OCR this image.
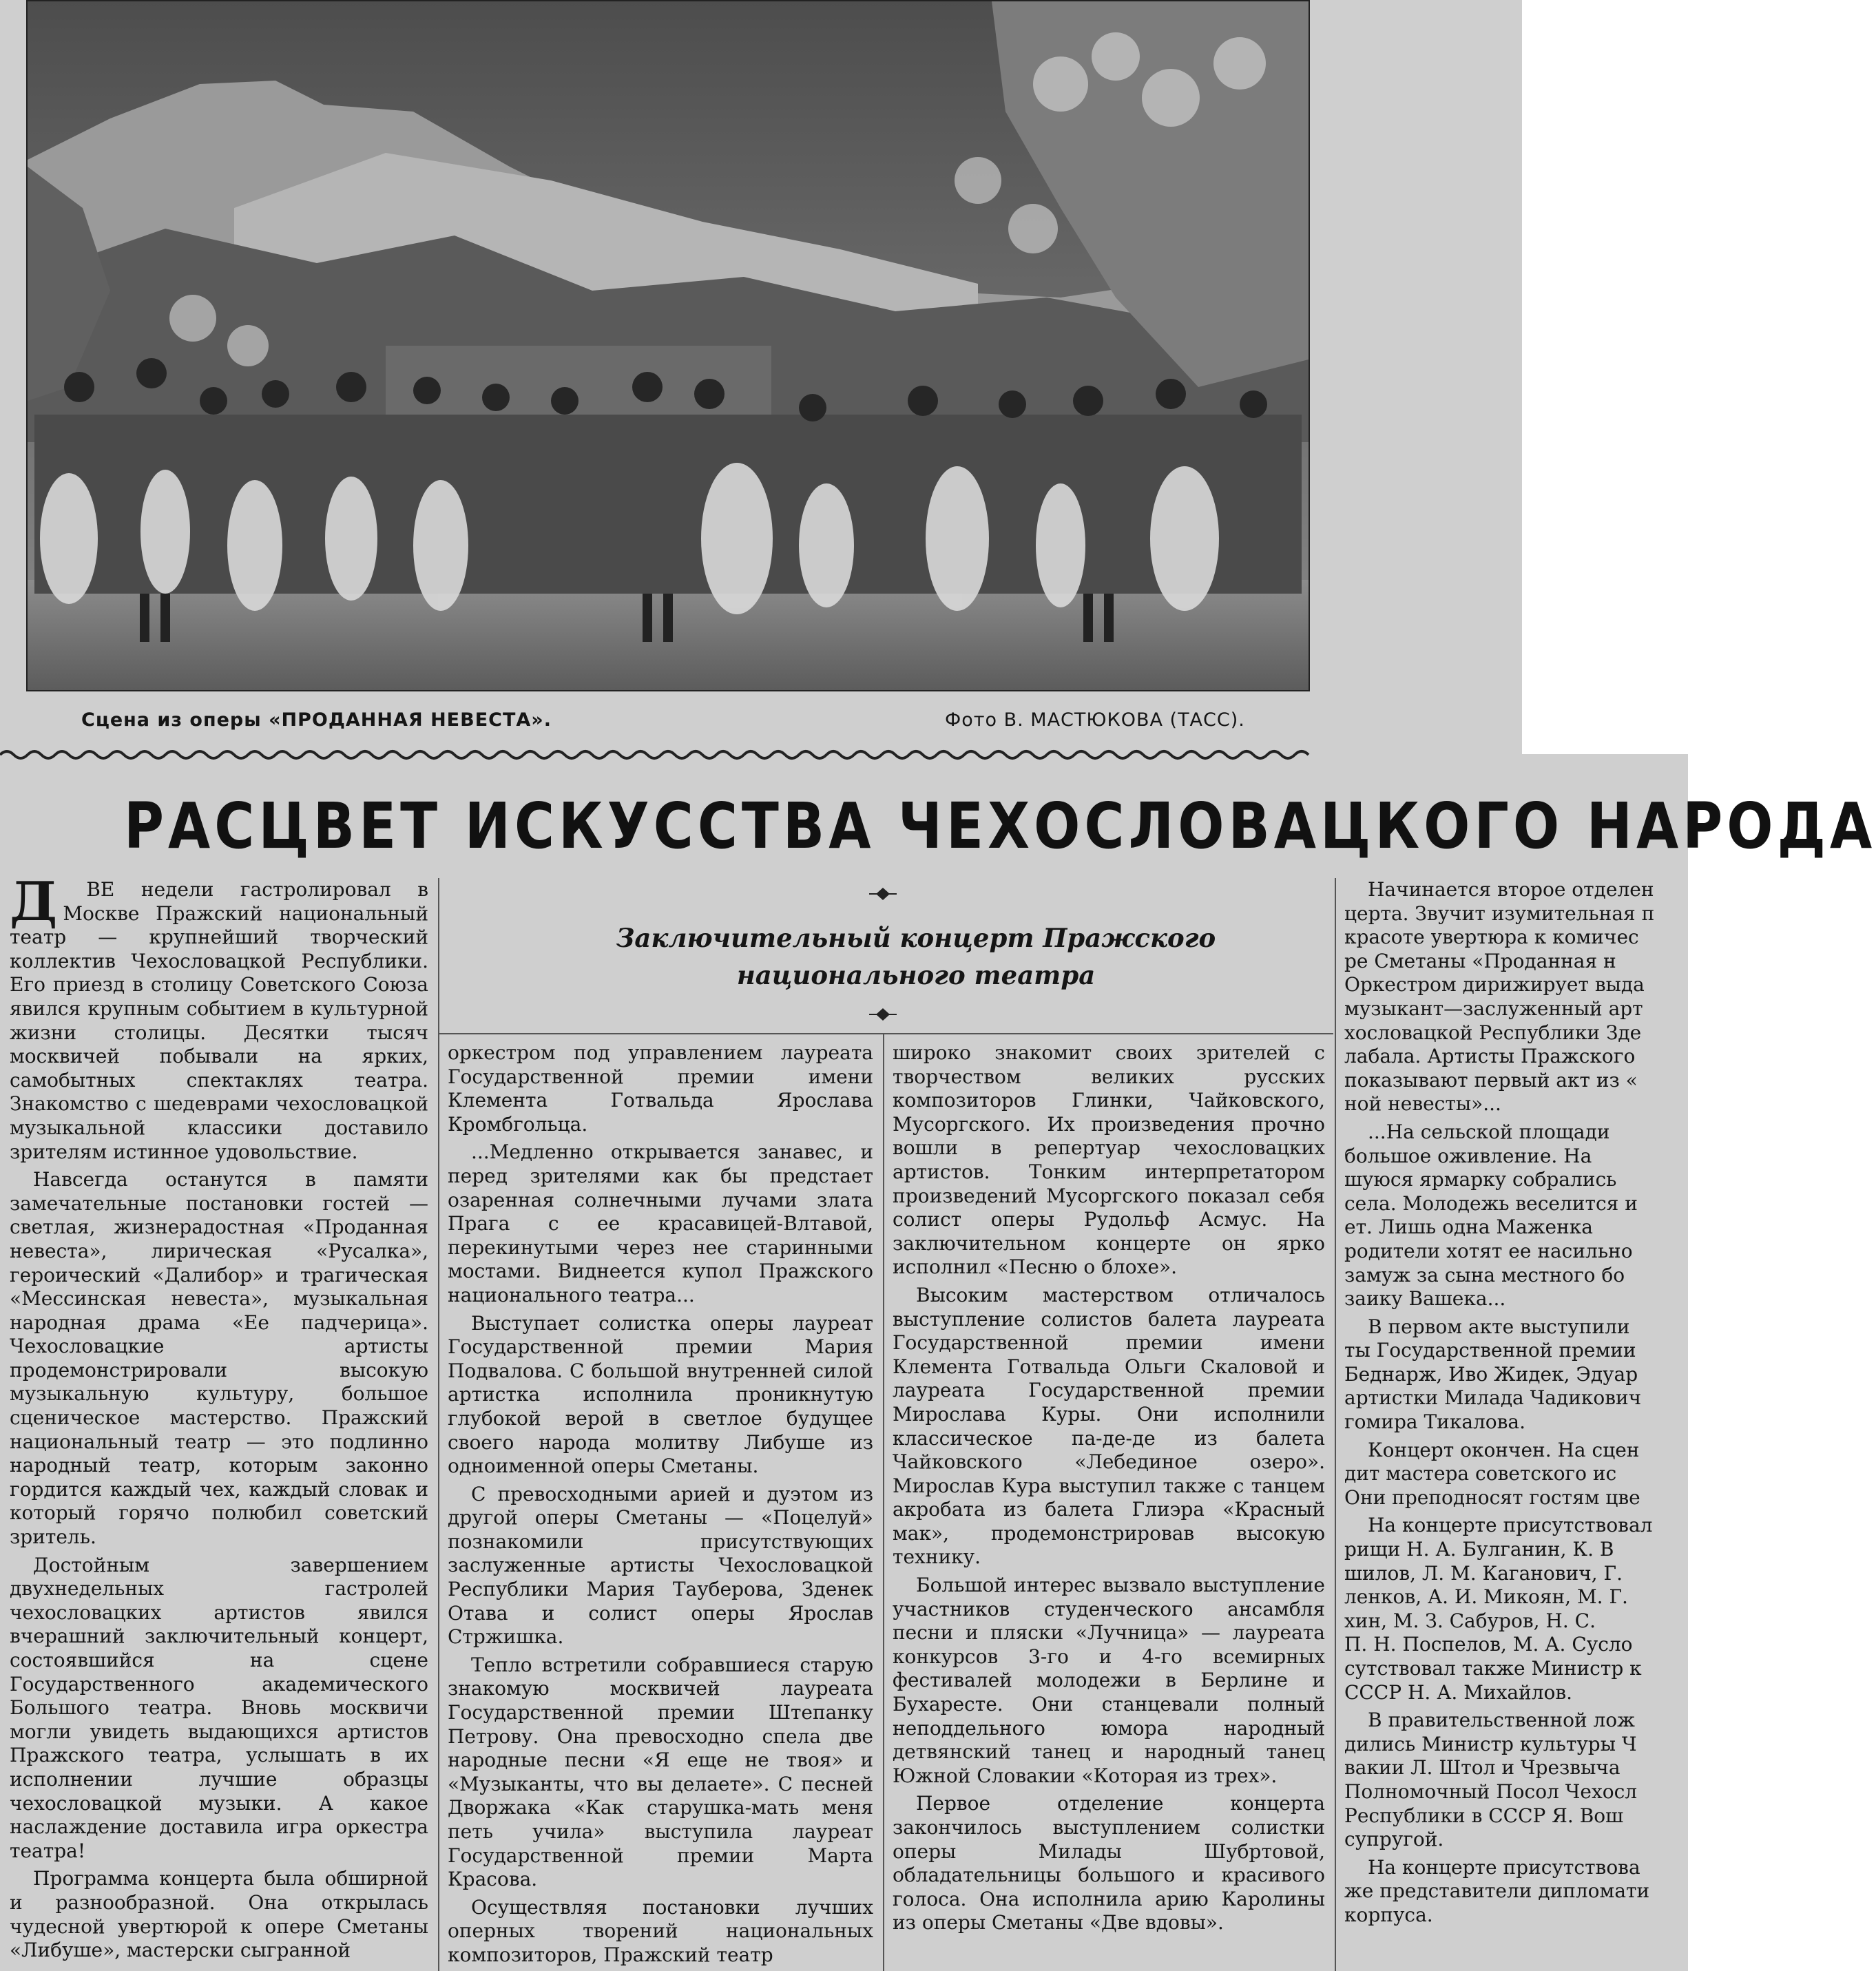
Сцена из оперы «ПРОДАННАЯ НЕВЕСТА».	Фото В. МАСТЮКОВА (ТАСС).
РАСЦВЕТ ИСКУССТВА ЧЕХОСЛОВАЦКОГО НАРОДА
Заключительный концерт Пражского
национального театра

Д ВЕ недели гастролировал в Москве Пражский национальный театр — крупнейший творческий коллектив Чехословацкой Республики. Его приезд в столицу Советского Союза явился крупным событием в культурной жизни столицы. Десятки тысяч москвичей побывали на ярких, самобытных спектаклях театра. Знакомство с шедеврами чехословацкой музыкальной классики доставило зрителям истинное удовольствие.

Навсегда останутся в памяти замечательные постановки гостей — светлая, жизнерадостная «Проданная невеста», лирическая «Русалка», героический «Далибор» и трагическая «Мессинская невеста», музыкальная народная драма «Ее падчерица». Чехословацкие артисты продемонстрировали высокую музыкальную культуру, большое сценическое мастерство. Пражский национальный театр — это подлинно народный театр, которым законно гордится каждый чех, каждый словак и который горячо полюбил советский зритель.

Достойным завершением двухнедельных гастролей чехословацких артистов явился вчерашний заключительный концерт, состоявшийся на сцене Государственного академического Большого театра. Вновь москвичи могли увидеть выдающихся артистов Пражского театра, услышать в их исполнении лучшие образцы чехословацкой музыки. А какое наслаждение доставила игра оркестра театра!

Программа концерта была обширной и разнообразной. Она открылась чудесной увертюрой к опере Сметаны «Либуше», мастерски сыгранной

оркестром под управлением лауреата Государственной премии имени Клемента Готвальда Ярослава Кромбгольца.

...Медленно открывается занавес, и перед зрителями как бы предстает озаренная солнечными лучами злата Прага с ее красавицей-Влтавой, перекинутыми через нее старинными мостами. Виднеется купол Пражского национального театра...

Выступает солистка оперы лауреат Государственной премии Мария Подвалова. С большой внутренней силой артистка исполнила проникнутую глубокой верой в светлое будущее своего народа молитву Либуше из одноименной оперы Сметаны.

С превосходными арией и дуэтом из другой оперы Сметаны — «Поцелуй» познакомили присутствующих заслуженные артисты Чехословацкой Республики Мария Тауберова, Зденек Отава и солист оперы Ярослав Стржишка.

Тепло встретили собравшиеся старую знакомую москвичей лауреата Государственной премии Штепанку Петрову. Она превосходно спела две народные песни «Я еще не твоя» и «Музыканты, что вы делаете». С песней Дворжака «Как старушка-мать меня петь учила» выступила лауреат Государственной премии Марта Красова.

Осуществляя постановки лучших оперных творений национальных композиторов, Пражский театр

широко знакомит своих зрителей с творчеством великих русских композиторов Глинки, Чайковского, Мусоргского. Их произведения прочно вошли в репертуар чехословацких артистов. Тонким интерпретатором произведений Мусоргского показал себя солист оперы Рудольф Асмус. На заключительном концерте он ярко исполнил «Песню о блохе».

Высоким мастерством отличалось выступление солистов балета лауреата Государственной премии имени Клемента Готвальда Ольги Скаловой и лауреата Государственной премии Мирослава Куры. Они исполнили классическое па-де-де из балета Чайковского «Лебединое озеро». Мирослав Кура выступил также с танцем акробата из балета Глиэра «Красный мак», продемонстрировав высокую технику.

Большой интерес вызвало выступление участников студенческого ансамбля песни и пляски «Лучница» — лауреата конкурсов 3-го и 4-го всемирных фестивалей молодежи в Берлине и Бухаресте. Они станцевали полный неподдельного юмора народный детвянский танец и народный танец Южной Словакии «Которая из трех».

Первое отделение концерта закончилось выступлением солистки оперы Милады Шубртовой, обладательницы большого и красивого голоса. Она исполнила арию Каролины из оперы Сметаны «Две вдовы».

Начинается второе отделен

церта. Звучит изумительная п

красоте увертюра к комичес

ре Сметаны «Проданная н

Оркестром дирижирует выда

музыкант—заслуженный арт

хословацкой Республики Зде

лабала. Артисты Пражского

показывают первый акт из «

ной невесты»...

...На сельской площади

большое оживление. На

шуюся ярмарку собрались

села. Молодежь веселится и

ет. Лишь одна Маженка

родители хотят ее насильно

замуж за сына местного бо

заику Вашека...

В первом акте выступили

ты Государственной премии

Беднарж, Иво Жидек, Эдуар

артистки Милада Чадикович

гомира Тикалова.

Концерт окончен. На сцен

дит мастера советского ис

Они преподносят гостям цве

На концерте присутствовал

рищи Н. А. Булганин, К. В

шилов, Л. М. Каганович, Г.

ленков, А. И. Микоян, М. Г.

хин, М. З. Сабуров, Н. С.

П. Н. Поспелов, М. А. Сусло

сутствовал также Министр к

СССР Н. А. Михайлов.

В правительственной лож

дились Министр культуры Ч

вакии Л. Штол и Чрезвыча

Полномочный Посол Чехосл

Республики в СССР Я. Вош

супругой.

На концерте присутствова

же представители дипломати

корпуса.
